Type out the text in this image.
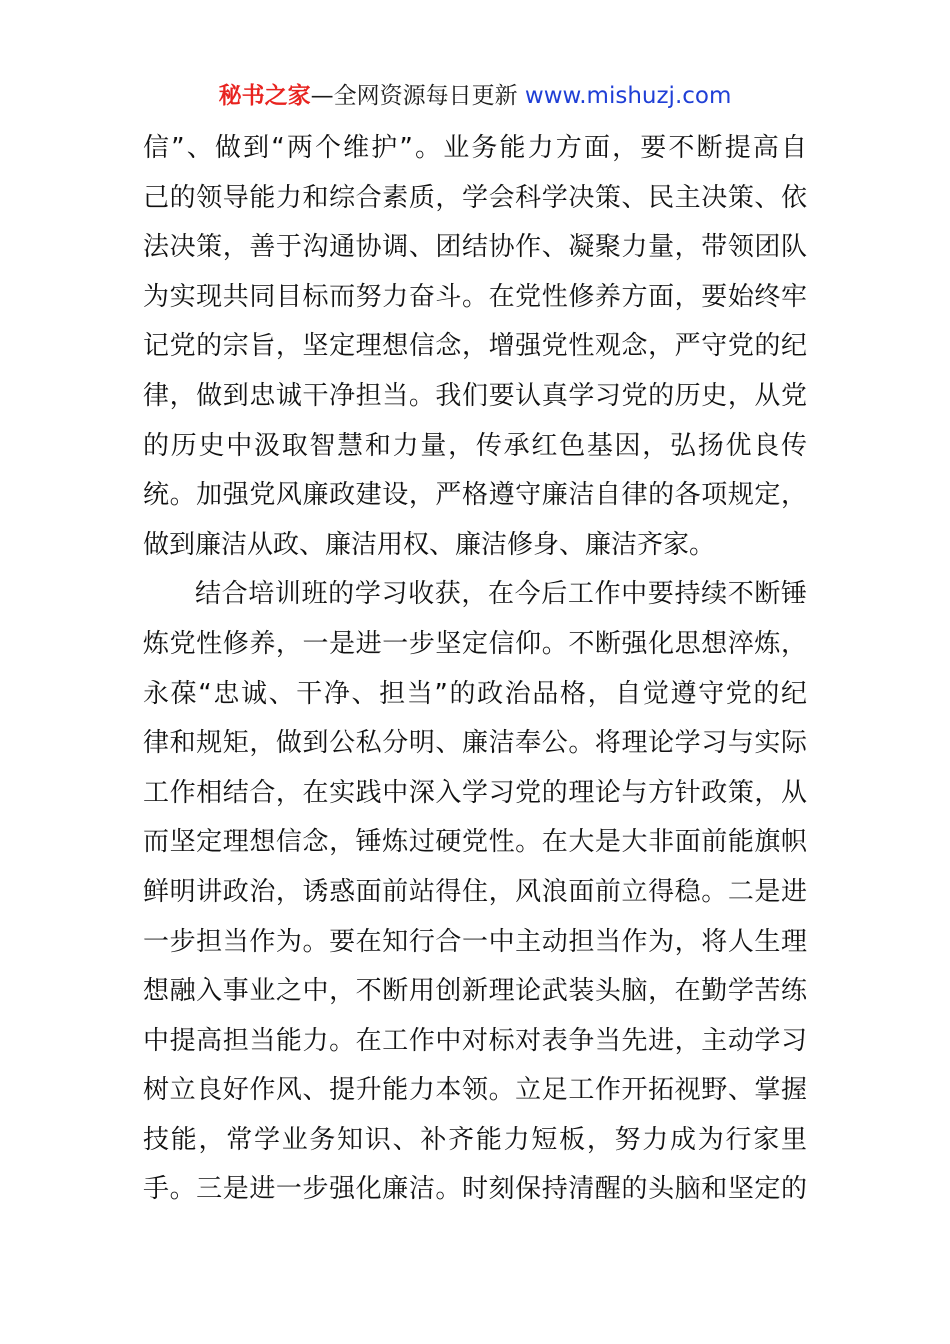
秘书之家—全网资源每日更新 www.mishuzj.com
信”、做到“两个维护”。业务能力方面，要不断提高自
己的领导能力和综合素质，学会科学决策、民主决策、依
法决策，善于沟通协调、团结协作、凝聚力量，带领团队
为实现共同目标而努力奋斗。在党性修养方面，要始终牢
记党的宗旨，坚定理想信念，增强党性观念，严守党的纪
律，做到忠诚干净担当。我们要认真学习党的历史，从党
的历史中汲取智慧和力量，传承红色基因，弘扬优良传
统。加强党风廉政建设，严格遵守廉洁自律的各项规定，
做到廉洁从政、廉洁用权、廉洁修身、廉洁齐家。
结合培训班的学习收获，在今后工作中要持续不断锤
炼党性修养，一是进一步坚定信仰。不断强化思想淬炼，
永葆“忠诚、干净、担当”的政治品格，自觉遵守党的纪
律和规矩，做到公私分明、廉洁奉公。将理论学习与实际
工作相结合，在实践中深入学习党的理论与方针政策，从
而坚定理想信念，锤炼过硬党性。在大是大非面前能旗帜
鲜明讲政治，诱惑面前站得住，风浪面前立得稳。二是进
一步担当作为。要在知行合一中主动担当作为，将人生理
想融入事业之中，不断用创新理论武装头脑，在勤学苦练
中提高担当能力。在工作中对标对表争当先进，主动学习
树立良好作风、提升能力本领。立足工作开拓视野、掌握
技能，常学业务知识、补齐能力短板，努力成为行家里
手。三是进一步强化廉洁。时刻保持清醒的头脑和坚定的
